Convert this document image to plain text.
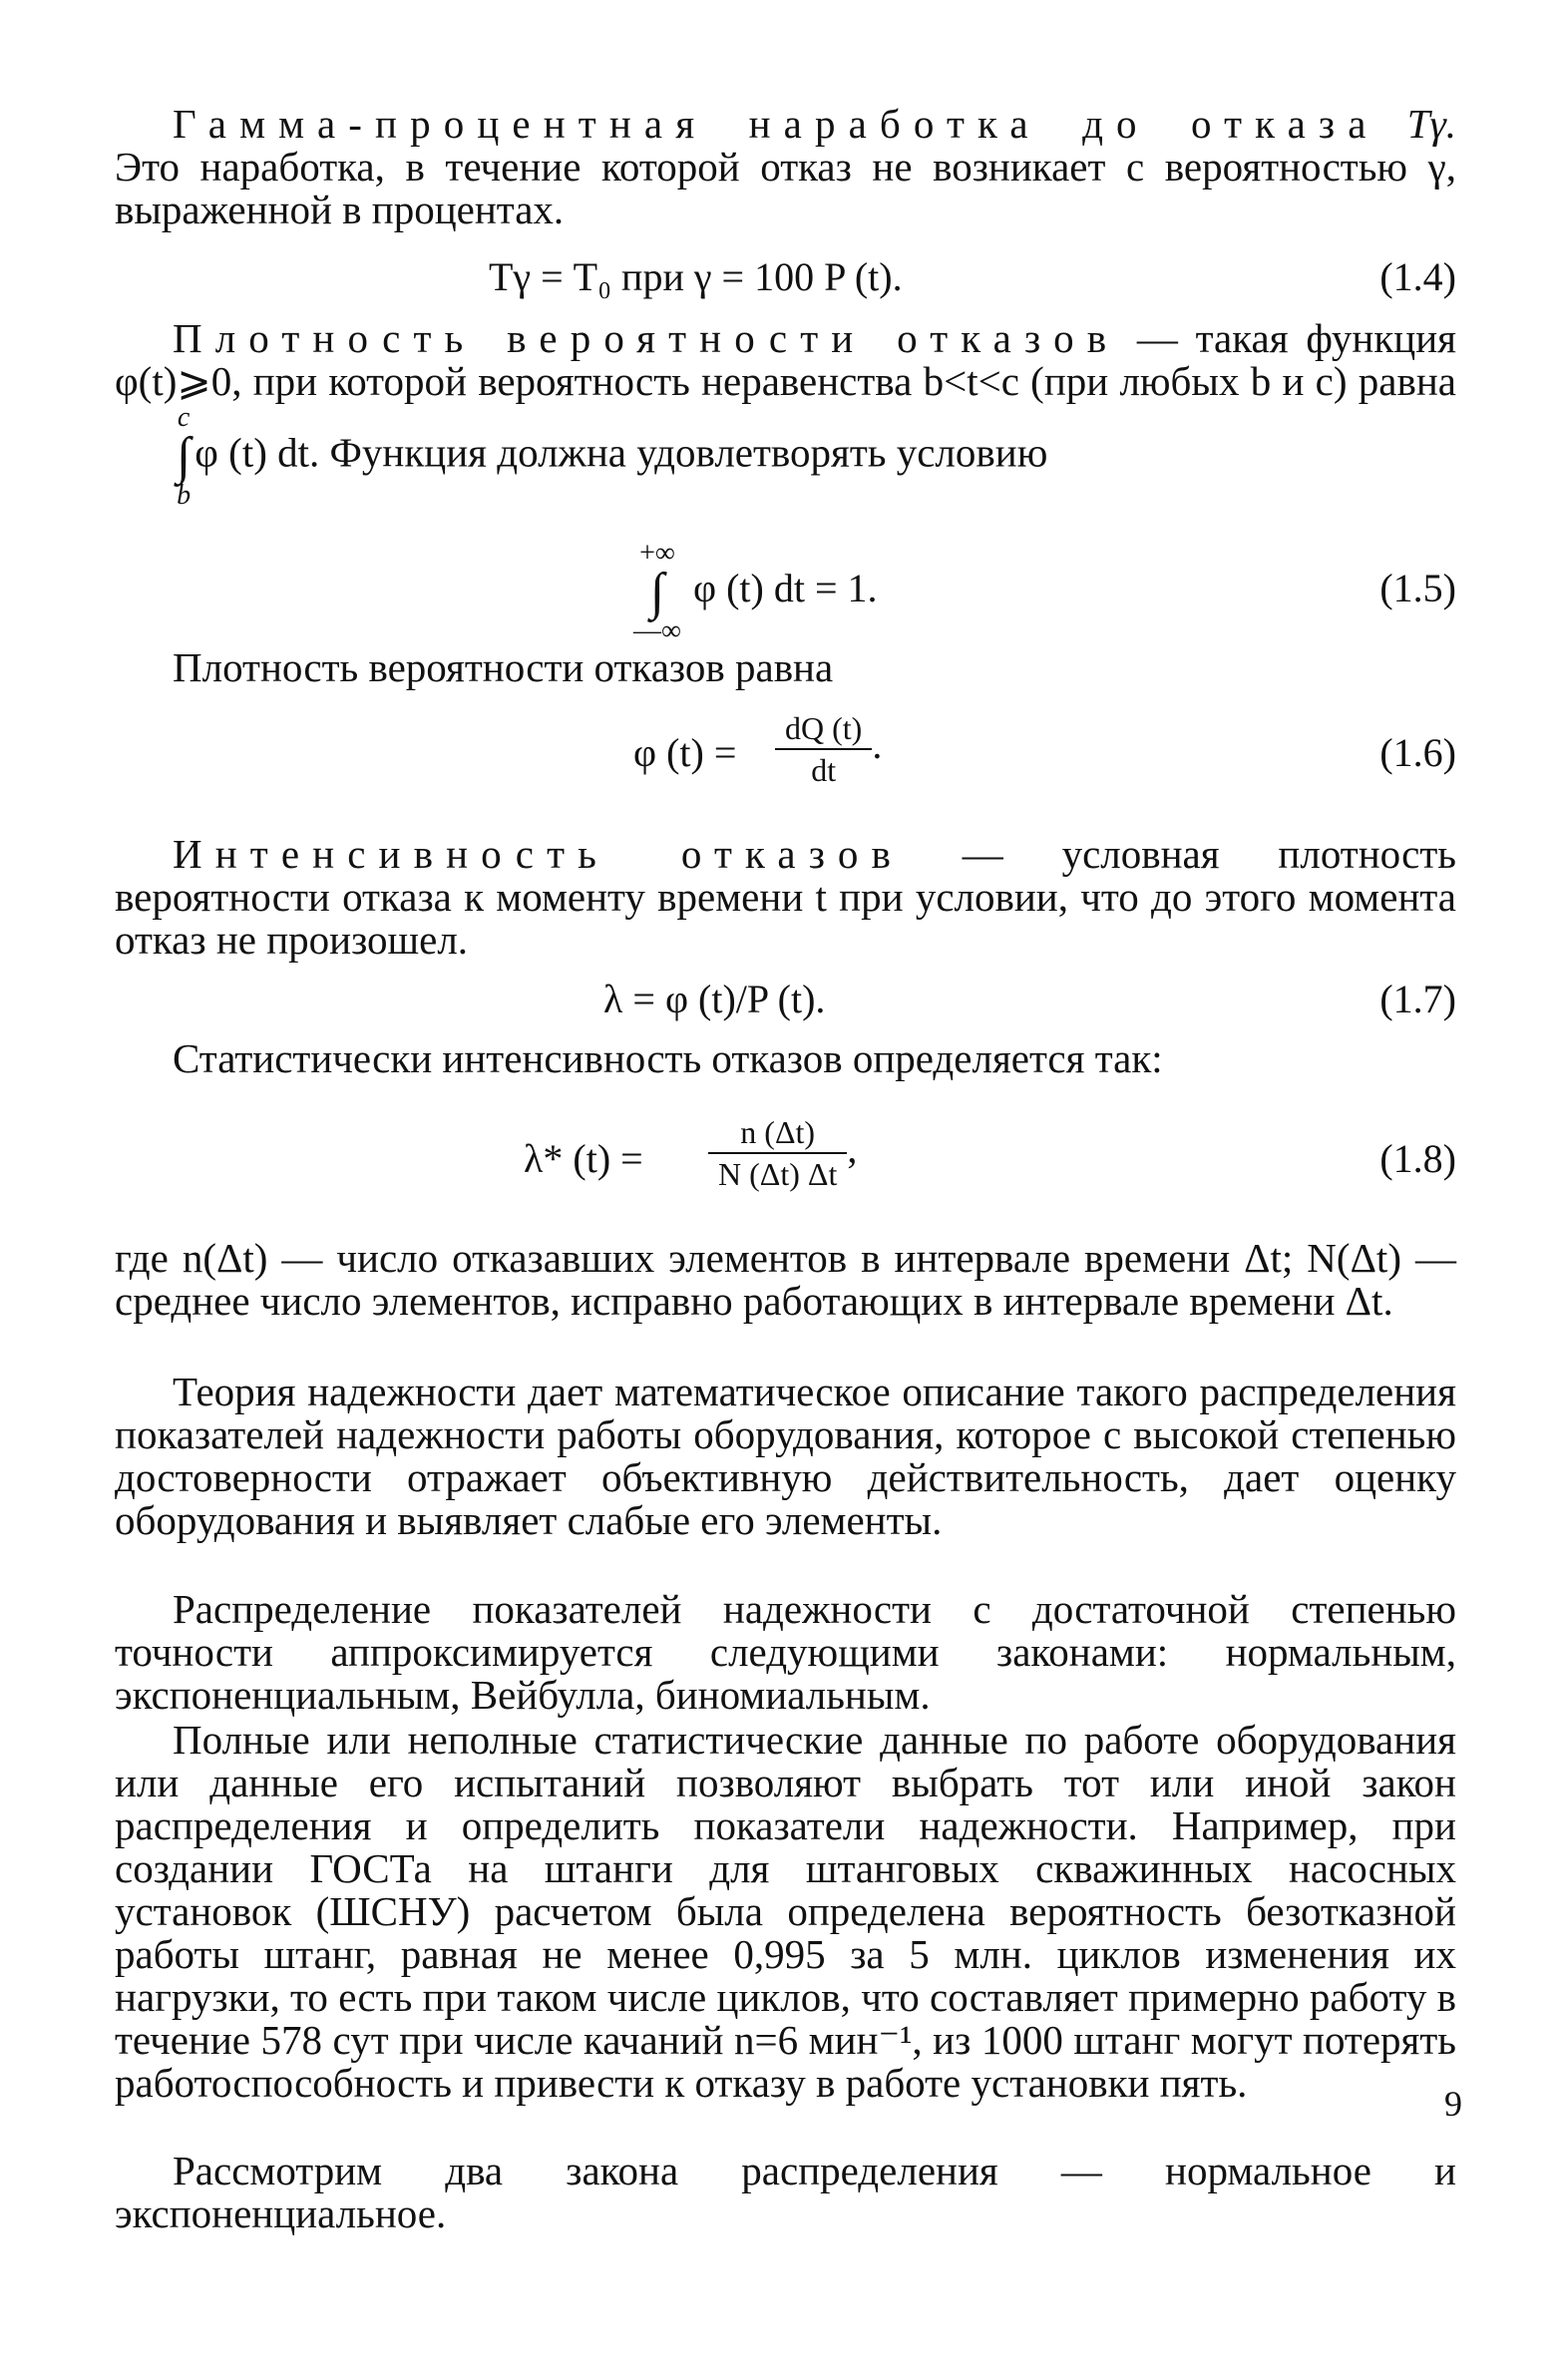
Гамма-процентная наработка до отказа Tγ. Это наработка, в течение которой отказ не возникает с вероятностью γ, выраженной в процентах.

Tγ = T₀ при γ = 100 P (t).	(1.4)

Плотность вероятности отказов — такая функция φ(t)⩾0, при которой вероятность неравенства b<t<c (при любых b и c) равна
c
∫
b
φ (t) dt. Функция должна удовлетворять условию

+∞
∫
—∞
φ (t) dt = 1.	(1.5)

Плотность вероятности отказов равна

φ $(t) = \frac{dQ (t)}{dt}$ .	(1.6)

Интенсивность отказов — условная плотность вероятности отказа к моменту времени t при условии, что до этого момента отказ не произошел.

λ = φ (t)/P (t).	(1.7)

Статистически интенсивность отказов определяется так:

λ* $(t) = \frac{n (\Delta t)}{N (\Delta t) \Delta t}$ ,	(1.8)

где n(Δt) — число отказавших элементов в интервале времени Δt; N(Δt) — среднее число элементов, исправно работающих в интервале времени Δt.

Теория надежности дает математическое описание такого распределения показателей надежности работы оборудования, которое с высокой степенью достоверности отражает объективную действительность, дает оценку оборудования и выявляет слабые его элементы.

Распределение показателей надежности с достаточной степенью точности аппроксимируется следующими законами: нормальным, экспоненциальным, Вейбулла, биномиальным.

Полные или неполные статистические данные по работе оборудования или данные его испытаний позволяют выбрать тот или иной закон распределения и определить показатели надежности. Например, при создании ГОСТа на штанги для штанговых скважинных насосных установок (ШСНУ) расчетом была определена вероятность безотказной работы штанг, равная не менее 0,995 за 5 млн. циклов изменения их нагрузки, то есть при таком числе циклов, что составляет примерно работу в течение 578 сут при числе качаний n=6 мин⁻¹, из 1000 штанг могут потерять работоспособность и привести к отказу в работе установки пять.

Рассмотрим два закона распределения — нормальное и экспоненциальное.

9
